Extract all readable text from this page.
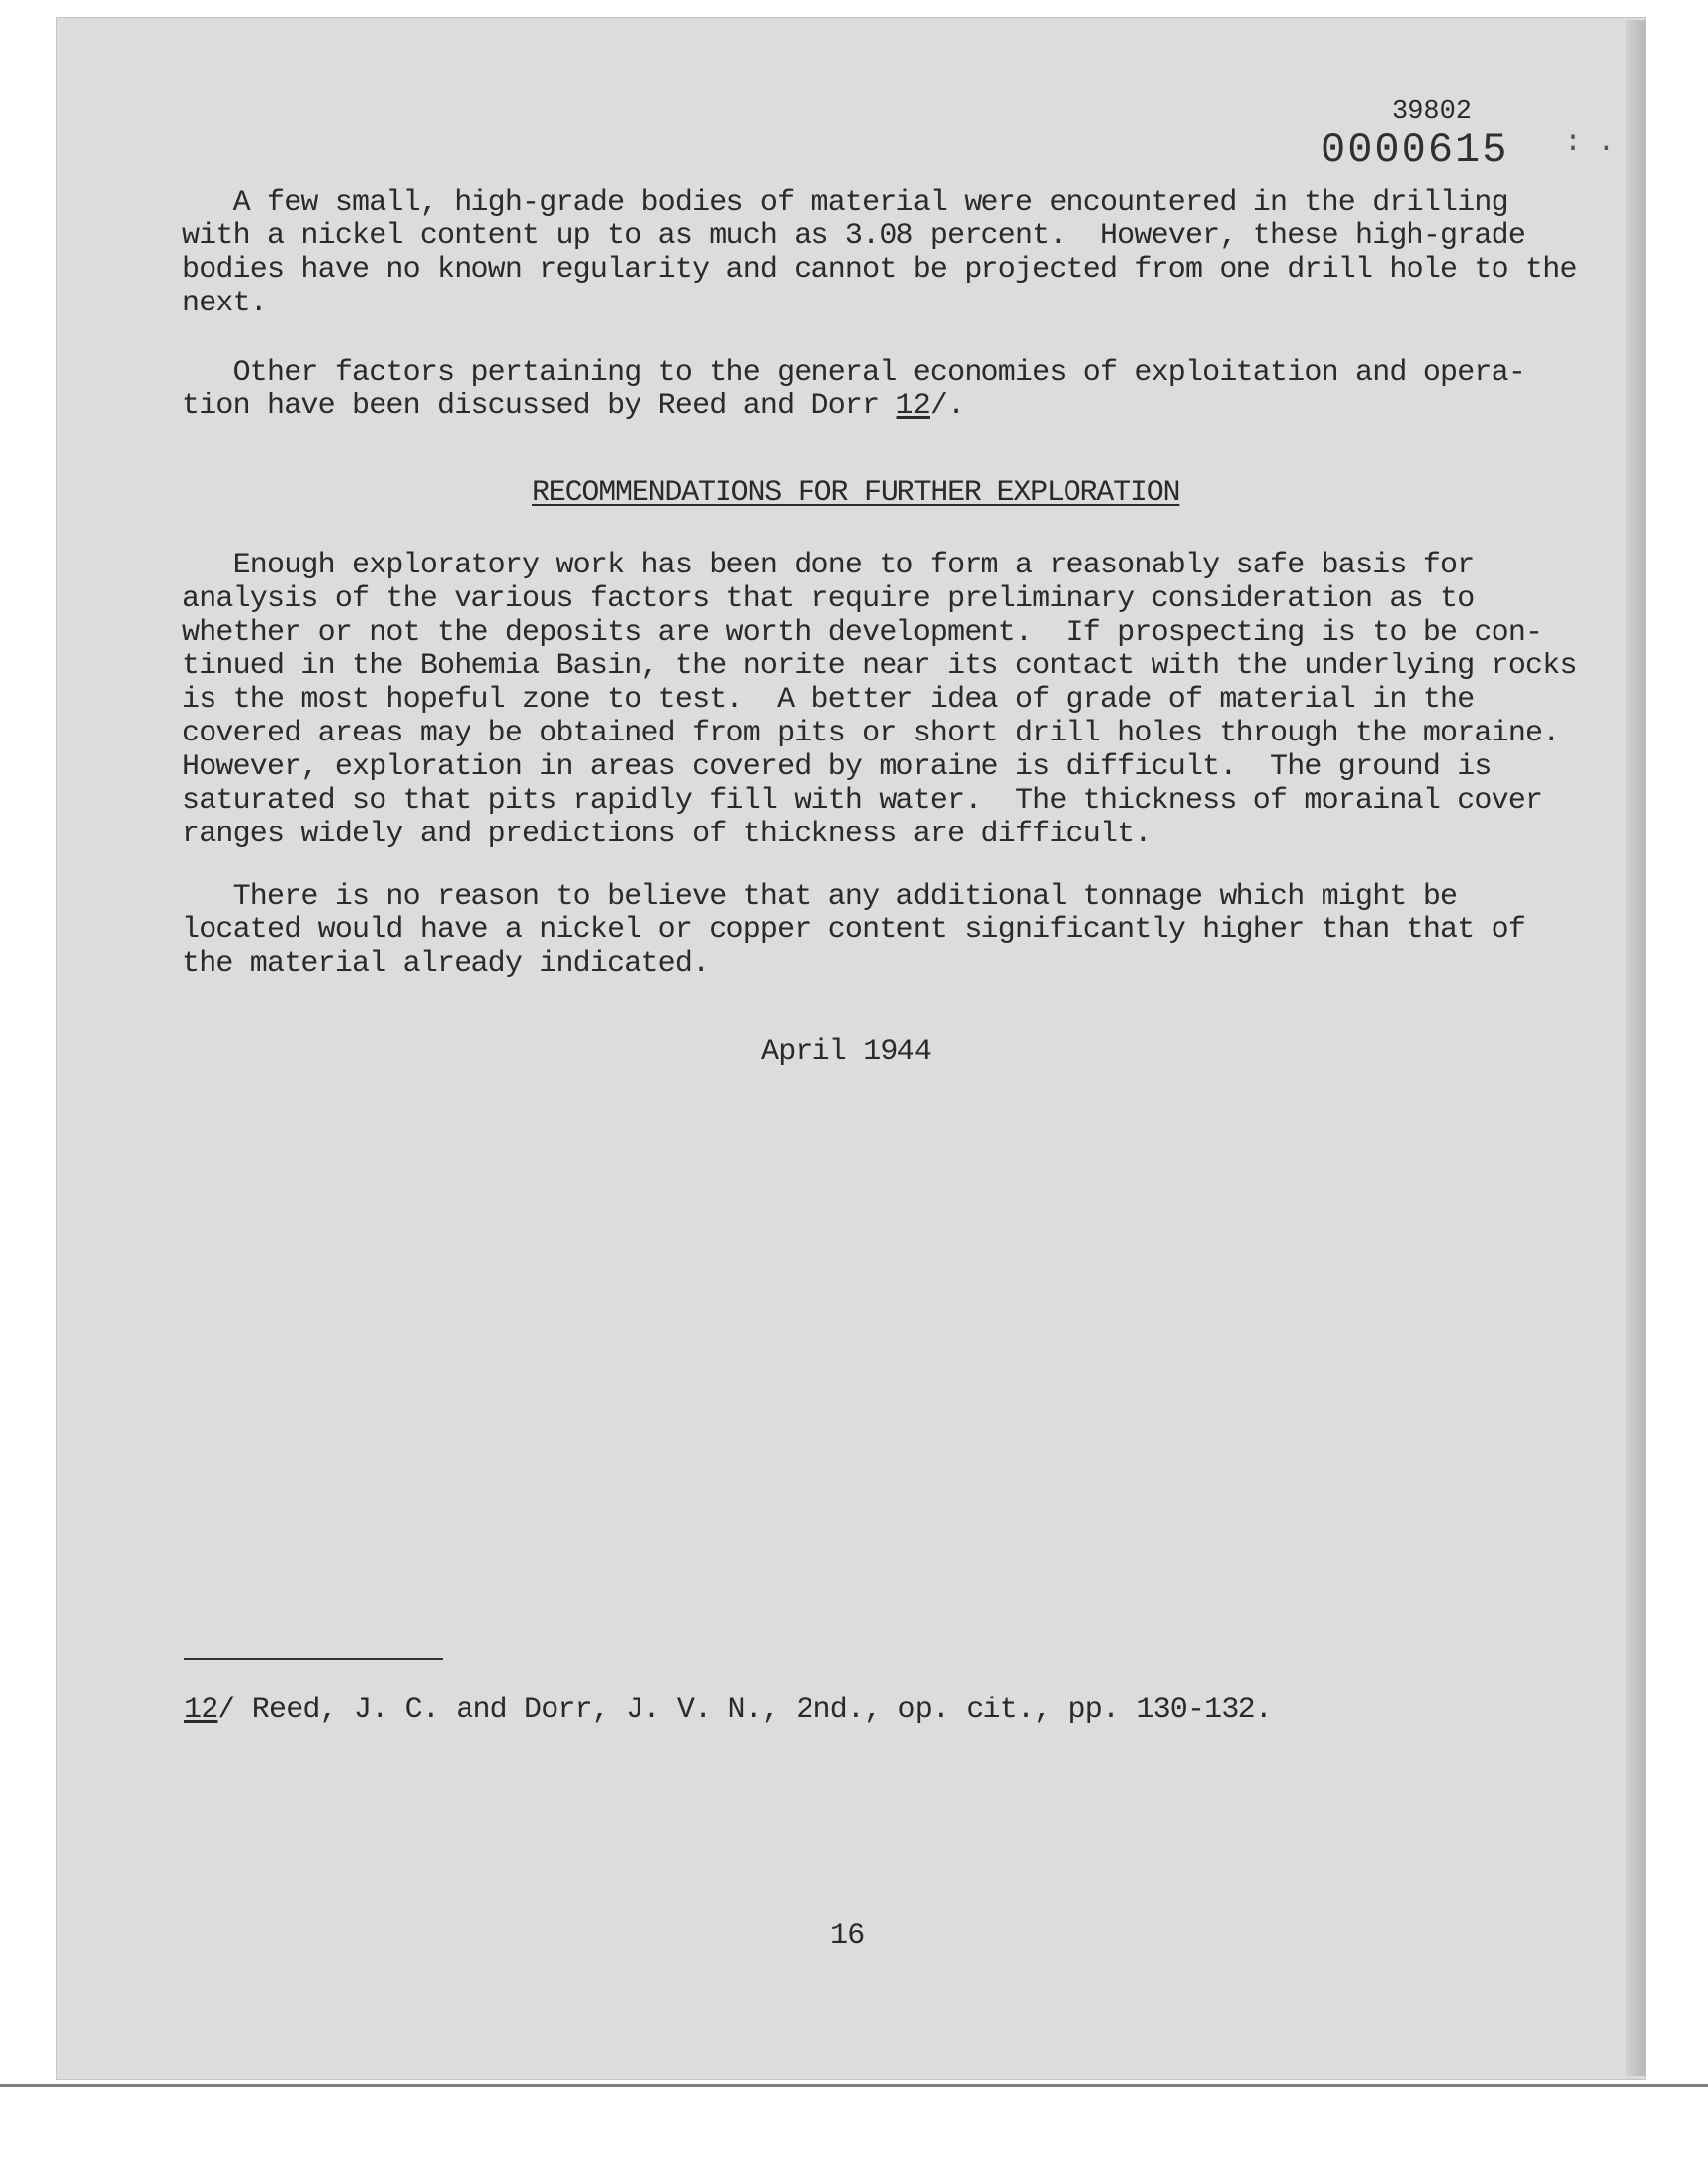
39802

0000615 : .

A few small, high-grade bodies of material were encountered in the drilling
with a nickel content up to as much as 3.08 percent.  However, these high-grade
bodies have no known regularity and cannot be projected from one drill hole to
next.

Other factors pertaining to the general economies of exploitation and opera-
tion have been discussed by Reed and Dorr 12/.

RECOMMENDATIONS FOR FURTHER EXPLORATION

Enough exploratory work has been done to form a reasonably safe basis for
analysis of the various factors that require preliminary consideration as to
whether or not the deposits are worth development.  If prospecting is to be con-
tinued in the Bohemia Basin, the norite near its contact with the underlying rocks
is the most hopeful zone to test.  A better idea of grade of material in the
covered areas may be obtained from pits or short drill holes through the moraine.
However, exploration in areas covered by moraine is difficult.  The ground is
saturated so that pits rapidly fill with water.  The thickness of morainal cover
ranges widely and predictions of thickness are difficult.

There is no reason to believe that any additional tonnage which might be
located would have a nickel or copper content significantly higher than that of
the material already indicated.

April 1944

12/ Reed, J. C. and Dorr, J. V. N., 2nd., op. cit., pp. 130-132.

16
